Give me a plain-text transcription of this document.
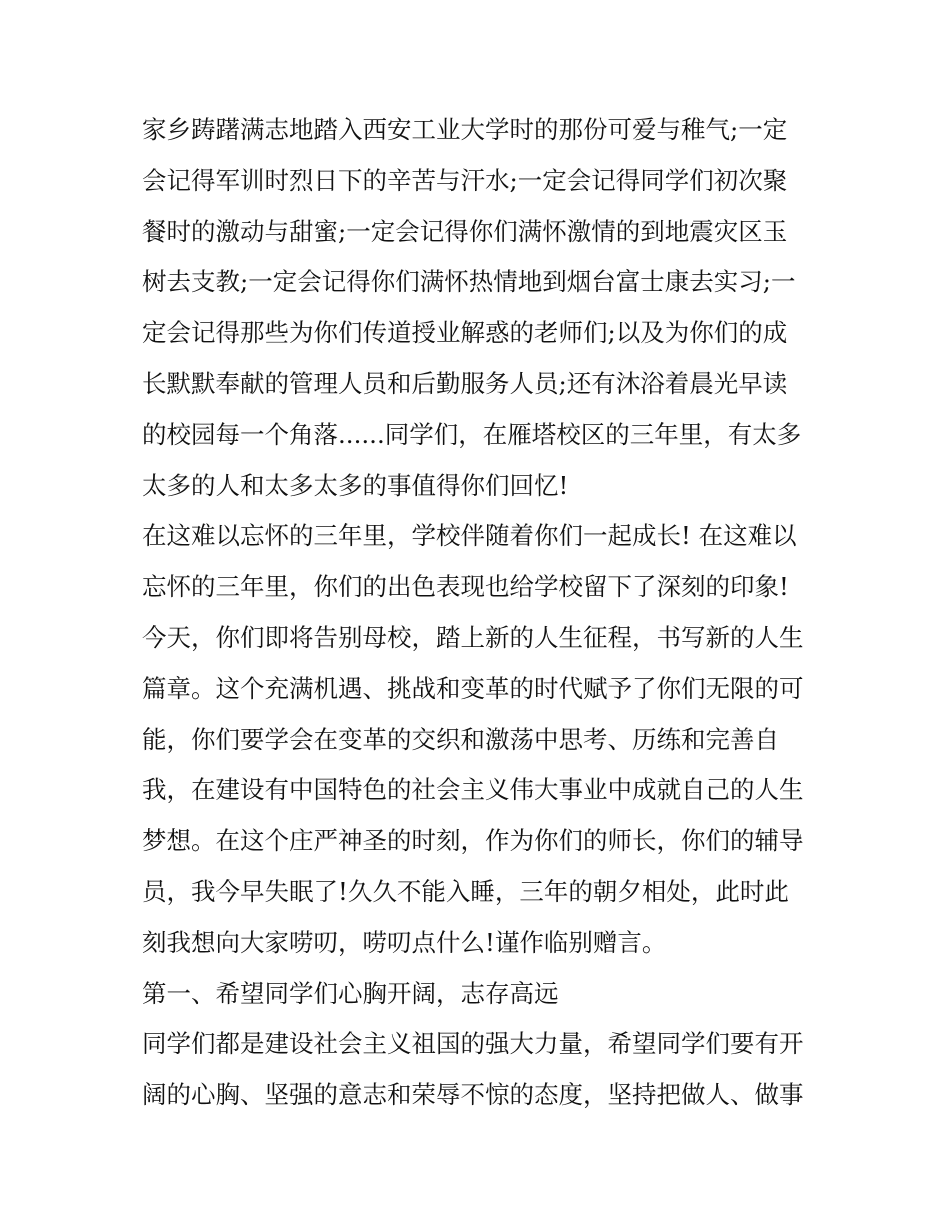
家乡踌躇满志地踏入西安工业大学时的那份可爱与稚气;一定
会记得军训时烈日下的辛苦与汗水;一定会记得同学们初次聚
餐时的激动与甜蜜;一定会记得你们满怀激情的到地震灾区玉
树去支教;一定会记得你们满怀热情地到烟台富士康去实习;一
定会记得那些为你们传道授业解惑的老师们;以及为你们的成
长默默奉献的管理人员和后勤服务人员;还有沐浴着晨光早读
的校园每一个角落......同学们，在雁塔校区的三年里，有太多
太多的人和太多太多的事值得你们回忆!
在这难以忘怀的三年里，学校伴随着你们一起成长! 在这难以
忘怀的三年里，你们的出色表现也给学校留下了深刻的印象!
今天，你们即将告别母校，踏上新的人生征程，书写新的人生
篇章。这个充满机遇、挑战和变革的时代赋予了你们无限的可
能，你们要学会在变革的交织和激荡中思考、历练和完善自
我，在建设有中国特色的社会主义伟大事业中成就自己的人生
梦想。在这个庄严神圣的时刻，作为你们的师长，你们的辅导
员，我今早失眠了!久久不能入睡，三年的朝夕相处，此时此
刻我想向大家唠叨，唠叨点什么!谨作临别赠言。
第一、希望同学们心胸开阔，志存高远
同学们都是建设社会主义祖国的强大力量，希望同学们要有开
阔的心胸、坚强的意志和荣辱不惊的态度，坚持把做人、做事
